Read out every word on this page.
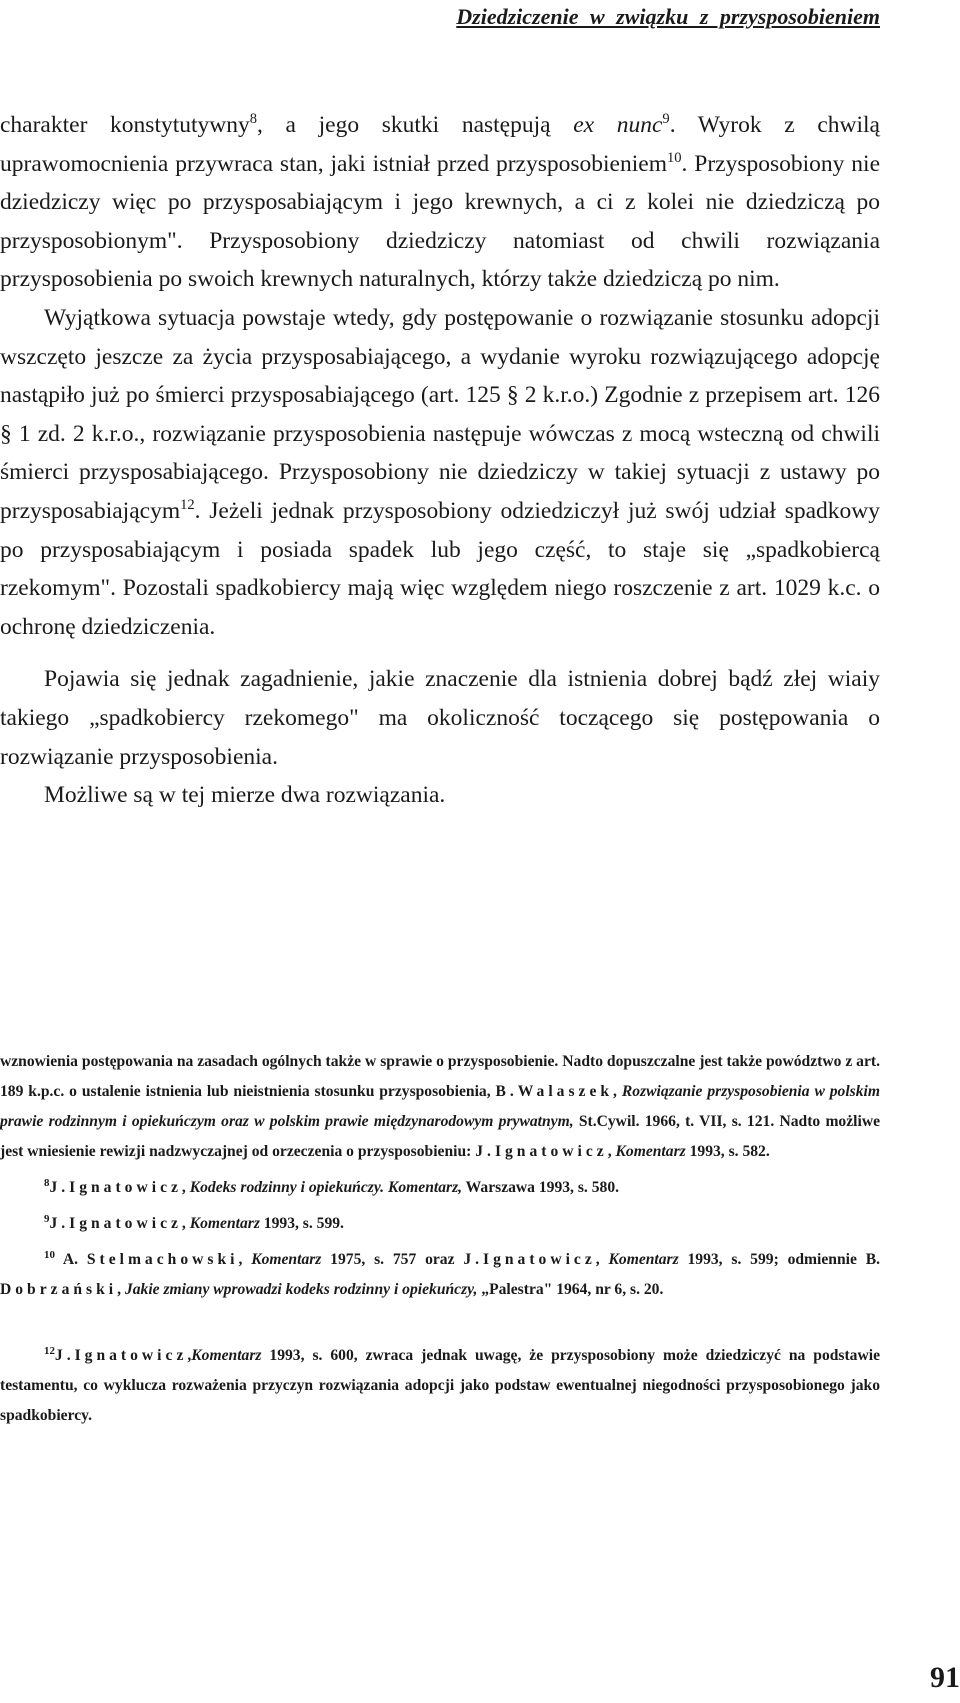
Dziedziczenie w związku z przysposobieniem

charakter konstytutywny$^8$, a jego skutki następują ex nunc$^9$. Wyrok z chwilą uprawomocnienia przywraca stan, jaki istniał przed przysposobieniem$^{10}$. Przysposobiony nie dziedziczy więc po przysposabiającym i jego krewnych, a ci z kolei nie dziedziczą po przysposobionym". Przysposobiony dziedziczy natomiast od chwili rozwiązania przysposobienia po swoich krewnych naturalnych, którzy także dziedziczą po nim.

Wyjątkowa sytuacja powstaje wtedy, gdy postępowanie o rozwiązanie stosunku adopcji wszczęto jeszcze za życia przysposabiającego, a wydanie wyroku rozwiązującego adopcję nastąpiło już po śmierci przysposabiającego (art. 125 § 2 k.r.o.) Zgodnie z przepisem art. 126 § 1 zd. 2 k.r.o., rozwiązanie przysposobienia następuje wówczas z mocą wsteczną od chwili śmierci przysposabiającego. Przysposobiony nie dziedziczy w takiej sytuacji z ustawy po przysposabiającym$^{12}$. Jeżeli jednak przysposobiony odziedziczył już swój udział spadkowy po przysposabiającym i posiada spadek lub jego część, to staje się „spadkobiercą rzekomym". Pozostali spadkobiercy mają więc względem niego roszczenie z art. 1029 k.c. o ochronę dziedziczenia.

Pojawia się jednak zagadnienie, jakie znaczenie dla istnienia dobrej bądź złej wiaiy takiego „spadkobiercy rzekomego" ma okoliczność toczącego się postępowania o rozwiązanie przysposobienia.

Możliwe są w tej mierze dwa rozwiązania.

wznowienia postępowania na zasadach ogólnych także w sprawie o przysposobienie. Nadto dopuszczalne jest także powództwo z art. 189 k.p.c. o ustalenie istnienia lub nieistnienia stosunku przysposobienia, B.Walaszek, Rozwiązanie przysposobienia w polskim prawie rodzinnym i opiekuńczym oraz w polskim prawie międzynarodowym prywatnym, St.Cywil. 1966, t. VII, s. 121. Nadto możliwe jest wniesienie rewizji nadzwyczajnej od orzeczenia o przysposobieniu: J.Ignatowicz, Komentarz 1993, s. 582.

$^8$J.Ignatowicz, Kodeks rodzinny i opiekuńczy. Komentarz, Warszawa 1993, s. 580.

$^9$J.Ignatowicz, Komentarz 1993, s. 599.

$^{10}$ A. Stelmachowski, Komentarz 1975, s. 757 oraz J.Ignatowicz, Komentarz 1993, s. 599; odmiennie B. Dobrzański, Jakie zmiany wprowadzi kodeks rodzinny i opiekuńczy, „Palestra" 1964, nr 6, s. 20.

$^{12}$J.Ignatowicz,Komentarz 1993, s. 600, zwraca jednak uwagę, że przysposobiony może dziedziczyć na podstawie testamentu, co wyklucza rozważenia przyczyn rozwiązania adopcji jako podstaw ewentualnej niegodności przysposobionego jako spadkobiercy.

91
